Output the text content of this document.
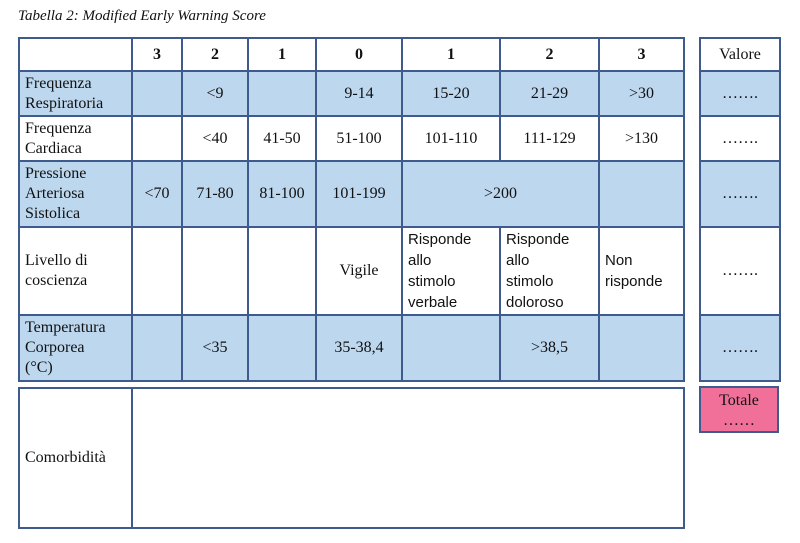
Tabella 2: Modified Early Warning Score
	3	2	1	0	1	2	3

Frequenza
Respiratoria		<9		9-14	15-20	21-29	>30

Frequenza
Cardiaca		<40	41-50	51-100	101-110	111-129	>130

Pressione
Arteriosa
Sistolica	<70	71-80	81-100	101-199	>200		

Livello di
coscienza				Vigile	Risponde
allo
stimolo
verbale	Risponde
allo
stimolo
doloroso	Non
risponde

Temperatura
Corporea
(°C)		<35		35-38,4		>38,5	
Valore
…….
…….
…….
…….
…….
Totale
……
Comorbidità	
